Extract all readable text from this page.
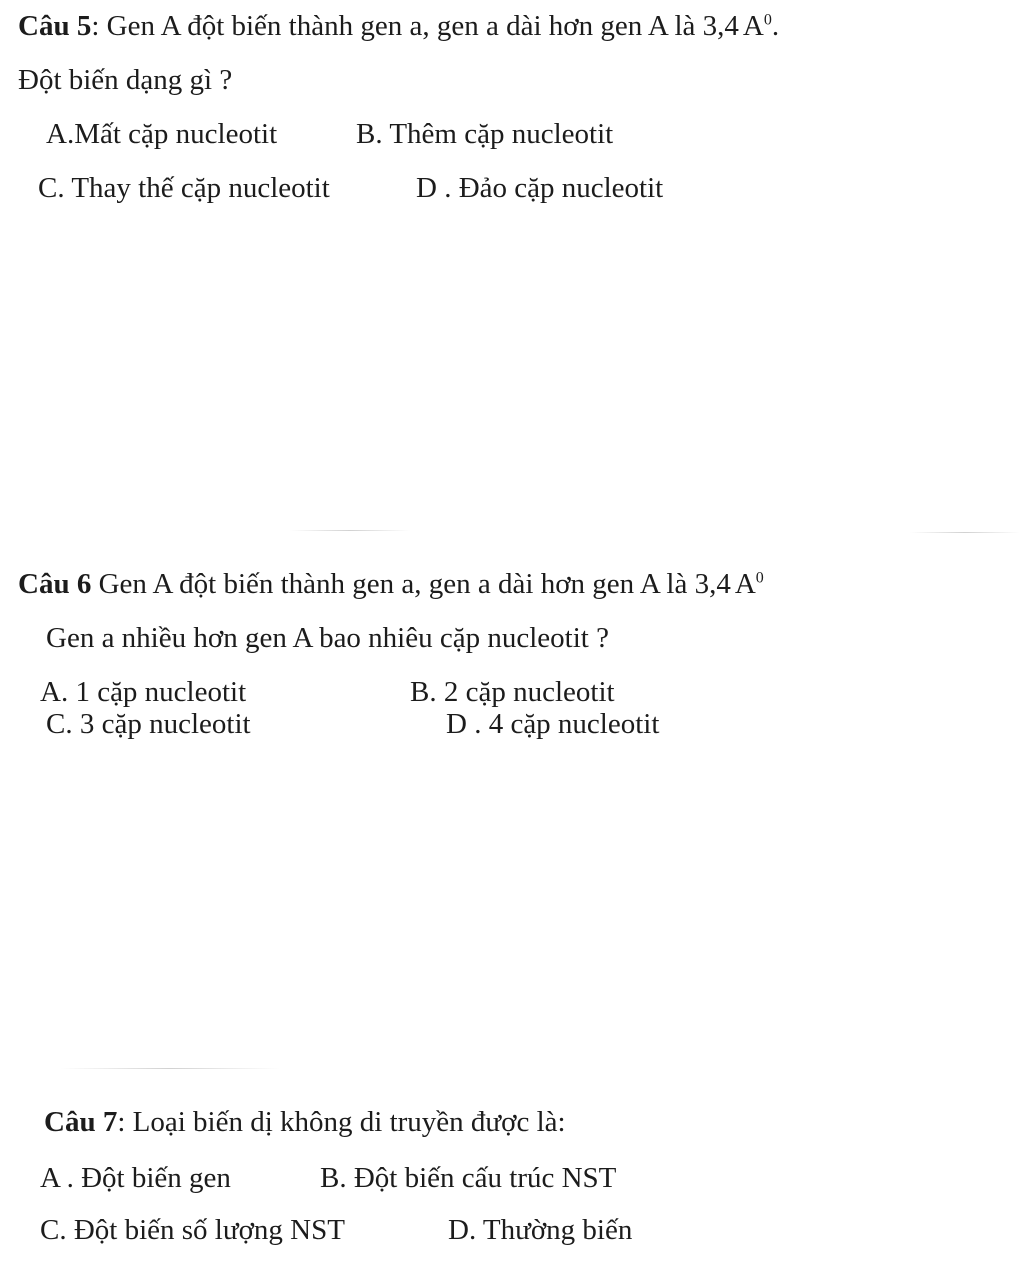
Câu 5: Gen A đột biến thành gen a, gen a dài hơn gen A là 3,4 $A^0$.
Đột biến dạng gì ?
A.Mất cặp nucleotit	B. Thêm cặp nucleotit
C. Thay thế cặp nucleotit	D . Đảo cặp nucleotit
Câu 6 Gen A đột biến thành gen a, gen a dài hơn gen A là 3,4 $A^0$
Gen a nhiều hơn gen A bao nhiêu cặp nucleotit ?
A. 1 cặp nucleotit	B. 2 cặp nucleotit
C. 3 cặp nucleotit	D . 4 cặp nucleotit
Câu 7: Loại biến dị không di truyền được là:
A . Đột biến gen	B. Đột biến cấu trúc NST
C. Đột biến số lượng NST	D. Thường biến
